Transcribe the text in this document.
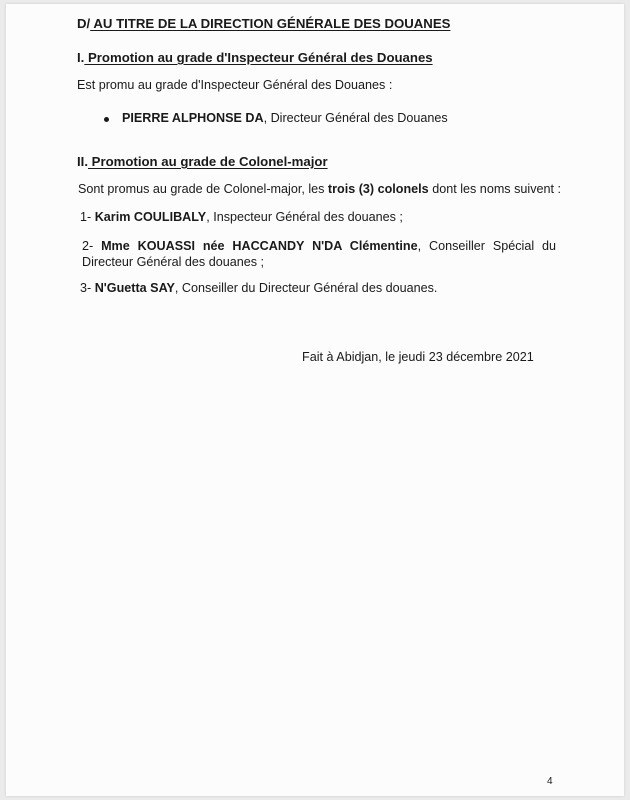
D/ AU TITRE DE LA DIRECTION GÉNÉRALE DES DOUANES
I. Promotion au grade d'Inspecteur Général des Douanes
Est promu au grade d'Inspecteur Général des Douanes :
PIERRE ALPHONSE DA, Directeur Général des Douanes
II. Promotion au grade de Colonel-major
Sont promus au grade de Colonel-major, les trois (3) colonels dont les noms suivent :
1- Karim COULIBALY, Inspecteur Général des douanes ;
2- Mme KOUASSI née HACCANDY N'DA Clémentine, Conseiller Spécial du
Directeur Général des douanes ;
3- N'Guetta SAY, Conseiller du Directeur Général des douanes.
Fait à Abidjan, le jeudi 23 décembre 2021
4
